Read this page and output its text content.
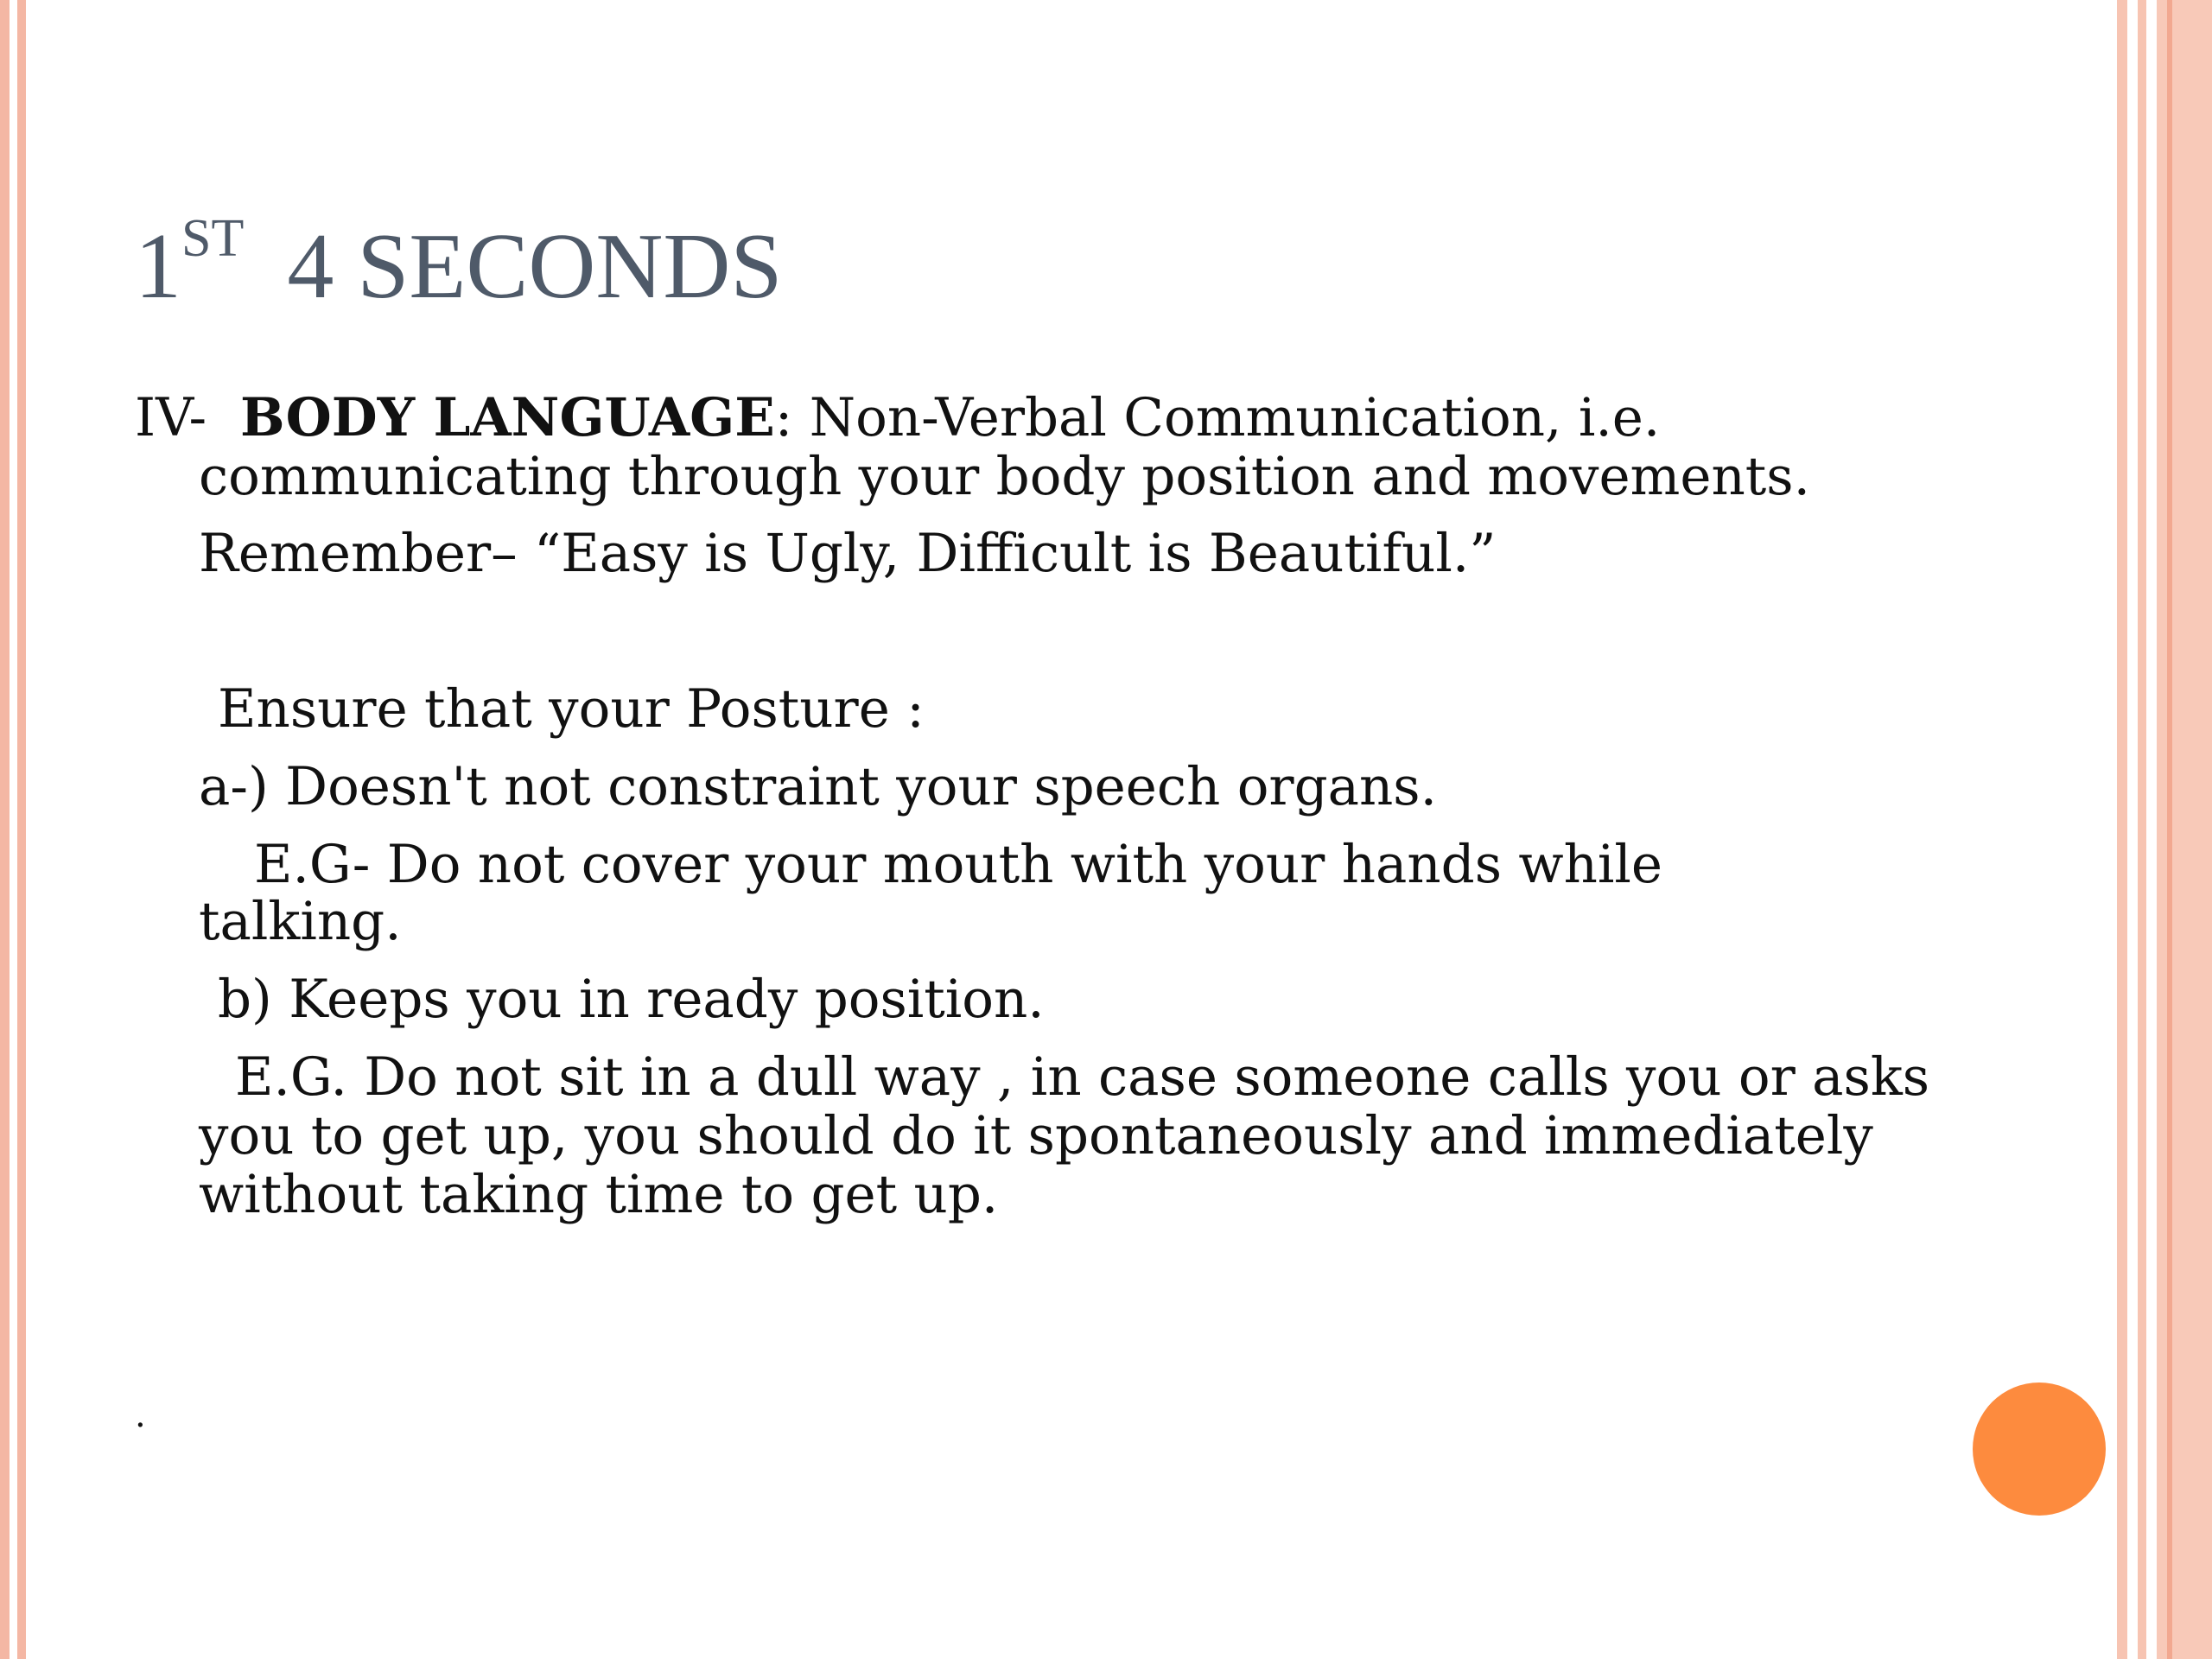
1ST 4 SECONDS

IV-  BODY LANGUAGE: Non-Verbal Communication, i.e. communicating through your body position and movements.

Remember– “Easy is Ugly, Difficult is Beautiful.”

Ensure that your Posture :

a-) Doesn't not constraint your speech organs.

E.G- Do not cover your mouth with your hands while

talking.

b) Keeps you in ready position.

E.G. Do not sit in a dull way , in case someone calls you or asks you to get up, you should do it spontaneously and immediately without taking time to get up.

.
